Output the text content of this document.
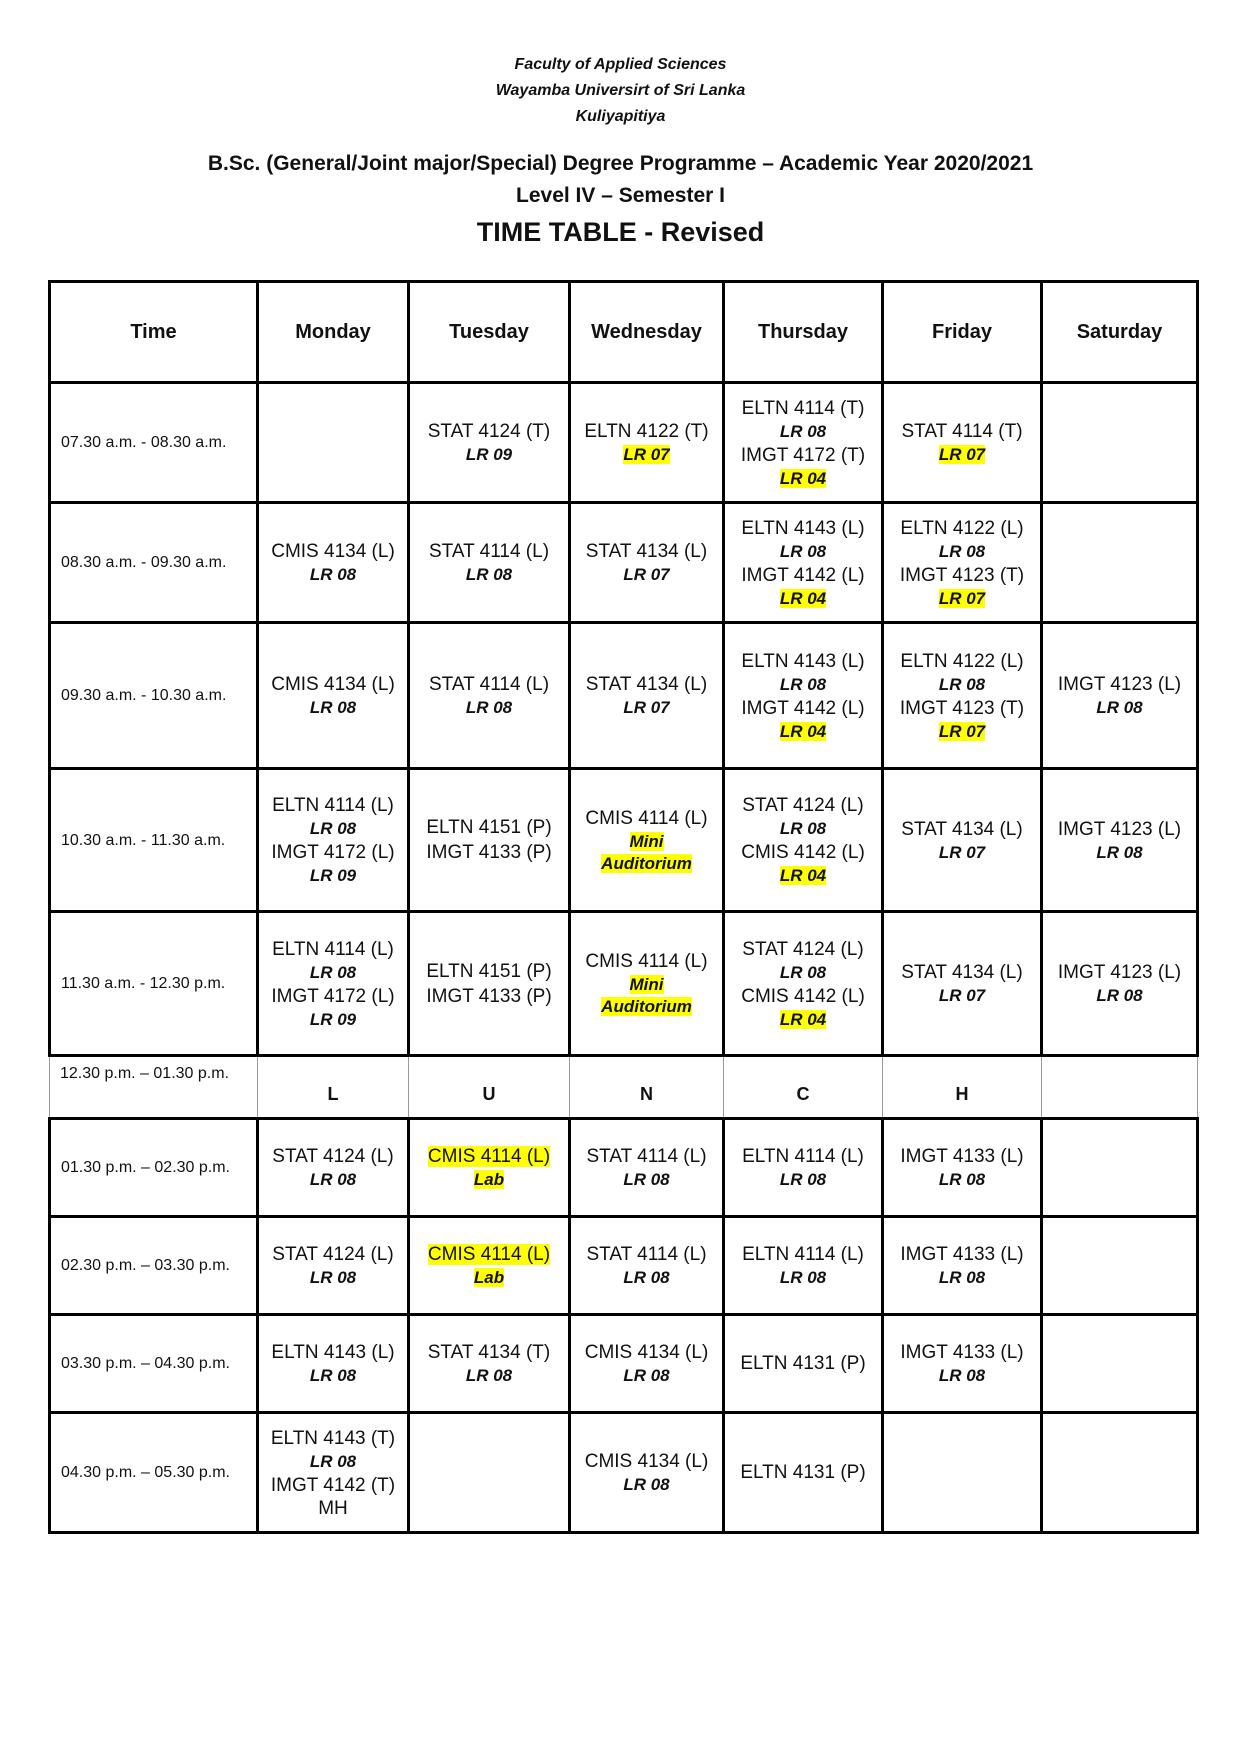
Faculty of Applied Sciences
Wayamba Universirt of Sri Lanka
Kuliyapitiya
B.Sc. (General/Joint major/Special) Degree Programme – Academic Year 2020/2021
Level IV – Semester I
TIME TABLE - Revised
Time	Monday	Tuesday	Wednesday	Thursday	Friday	Saturday
07.30 a.m. - 08.30 a.m.		STAT 4124 (T)
LR 09	ELTN 4122 (T)
LR 07	ELTN 4114 (T)
LR 08
IMGT 4172 (T)
LR 04	STAT 4114 (T)
LR 07	

08.30 a.m. - 09.30 a.m.	CMIS 4134 (L)
LR 08	STAT 4114 (L)
LR 08	STAT 4134 (L)
LR 07	ELTN 4143 (L)
LR 08
IMGT 4142 (L)
LR 04	ELTN 4122 (L)
LR 08
IMGT 4123 (T)
LR 07	

09.30 a.m. - 10.30 a.m.	CMIS 4134 (L)
LR 08	STAT 4114 (L)
LR 08	STAT 4134 (L)
LR 07	ELTN 4143 (L)
LR 08
IMGT 4142 (L)
LR 04	ELTN 4122 (L)
LR 08
IMGT 4123 (T)
LR 07	IMGT 4123 (L)
LR 08

10.30 a.m. - 11.30 a.m.	ELTN 4114 (L)
LR 08
IMGT 4172 (L)
LR 09	ELTN 4151 (P)
IMGT 4133 (P)	CMIS 4114 (L)
Mini
Auditorium	STAT 4124 (L)
LR 08
CMIS 4142 (L)
LR 04	STAT 4134 (L)
LR 07	IMGT 4123 (L)
LR 08

11.30 a.m. - 12.30 p.m.	ELTN 4114 (L)
LR 08
IMGT 4172 (L)
LR 09	ELTN 4151 (P)
IMGT 4133 (P)	CMIS 4114 (L)
Mini
Auditorium	STAT 4124 (L)
LR 08
CMIS 4142 (L)
LR 04	STAT 4134 (L)
LR 07	IMGT 4123 (L)
LR 08

12.30 p.m. – 01.30 p.m.	L	U	N	C	H	
01.30 p.m. – 02.30 p.m.	STAT 4124 (L)
LR 08	CMIS 4114 (L)
Lab	STAT 4114 (L)
LR 08	ELTN 4114 (L)
LR 08	IMGT 4133 (L)
LR 08	

02.30 p.m. – 03.30 p.m.	STAT 4124 (L)
LR 08	CMIS 4114 (L)
Lab	STAT 4114 (L)
LR 08	ELTN 4114 (L)
LR 08	IMGT 4133 (L)
LR 08	

03.30 p.m. – 04.30 p.m.	ELTN 4143 (L)
LR 08	STAT 4134 (T)
LR 08	CMIS 4134 (L)
LR 08	ELTN 4131 (P)	IMGT 4133 (L)
LR 08	

04.30 p.m. – 05.30 p.m.	ELTN 4143 (T)
LR 08
IMGT 4142 (T)
MH		CMIS 4134 (L)
LR 08	ELTN 4131 (P)		
